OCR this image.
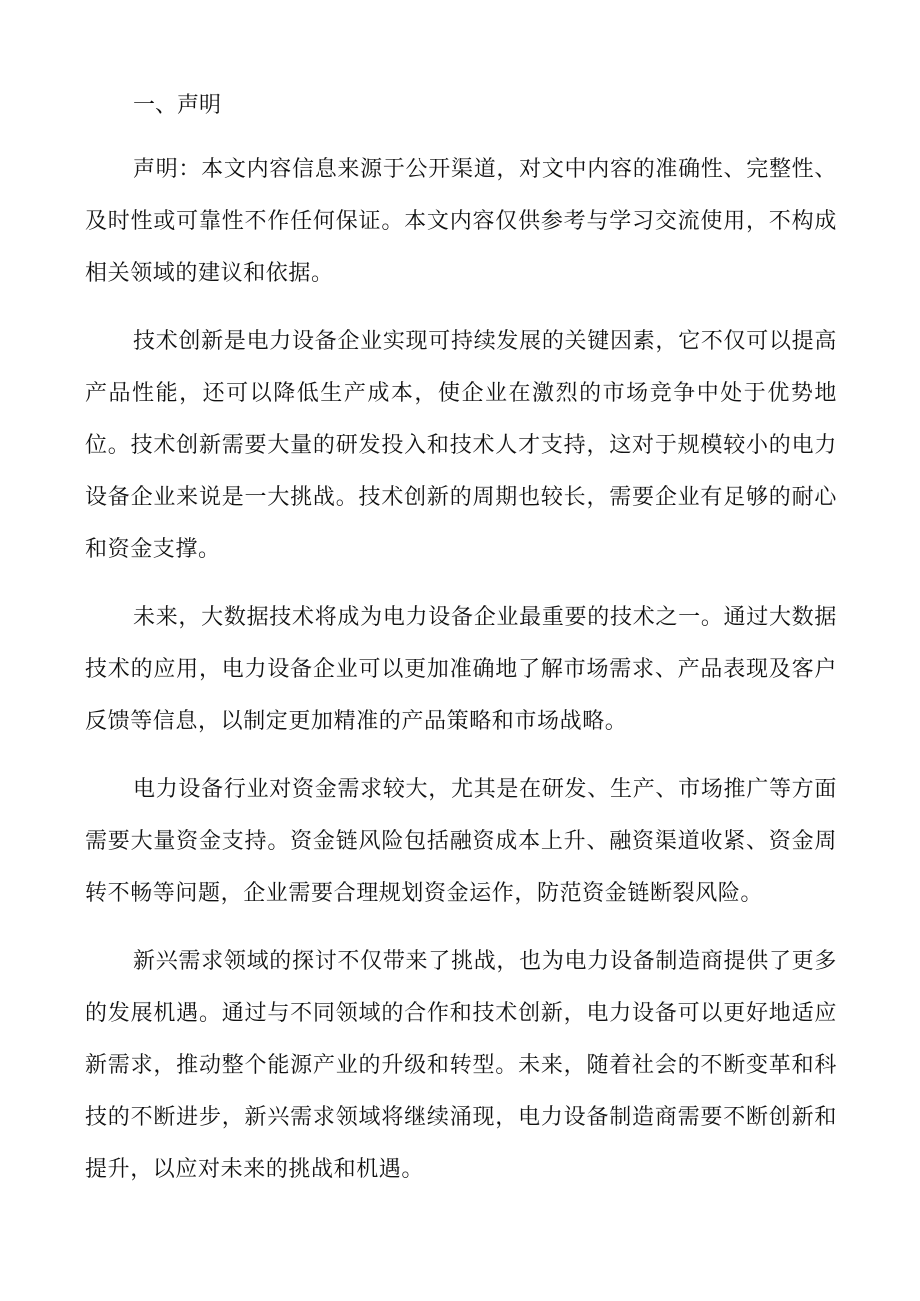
一、声明

声明：本文内容信息来源于公开渠道，对文中内容的准确性、完整性、及时性或可靠性不作任何保证。本文内容仅供参考与学习交流使用，不构成相关领域的建议和依据。

技术创新是电力设备企业实现可持续发展的关键因素，它不仅可以提高产品性能，还可以降低生产成本，使企业在激烈的市场竞争中处于优势地位。技术创新需要大量的研发投入和技术人才支持，这对于规模较小的电力设备企业来说是一大挑战。技术创新的周期也较长，需要企业有足够的耐心和资金支撑。

未来，大数据技术将成为电力设备企业最重要的技术之一。通过大数据技术的应用，电力设备企业可以更加准确地了解市场需求、产品表现及客户反馈等信息，以制定更加精准的产品策略和市场战略。

电力设备行业对资金需求较大，尤其是在研发、生产、市场推广等方面需要大量资金支持。资金链风险包括融资成本上升、融资渠道收紧、资金周转不畅等问题，企业需要合理规划资金运作，防范资金链断裂风险。

新兴需求领域的探讨不仅带来了挑战，也为电力设备制造商提供了更多的发展机遇。通过与不同领域的合作和技术创新，电力设备可以更好地适应新需求，推动整个能源产业的升级和转型。未来，随着社会的不断变革和科技的不断进步，新兴需求领域将继续涌现，电力设备制造商需要不断创新和提升，以应对未来的挑战和机遇。
